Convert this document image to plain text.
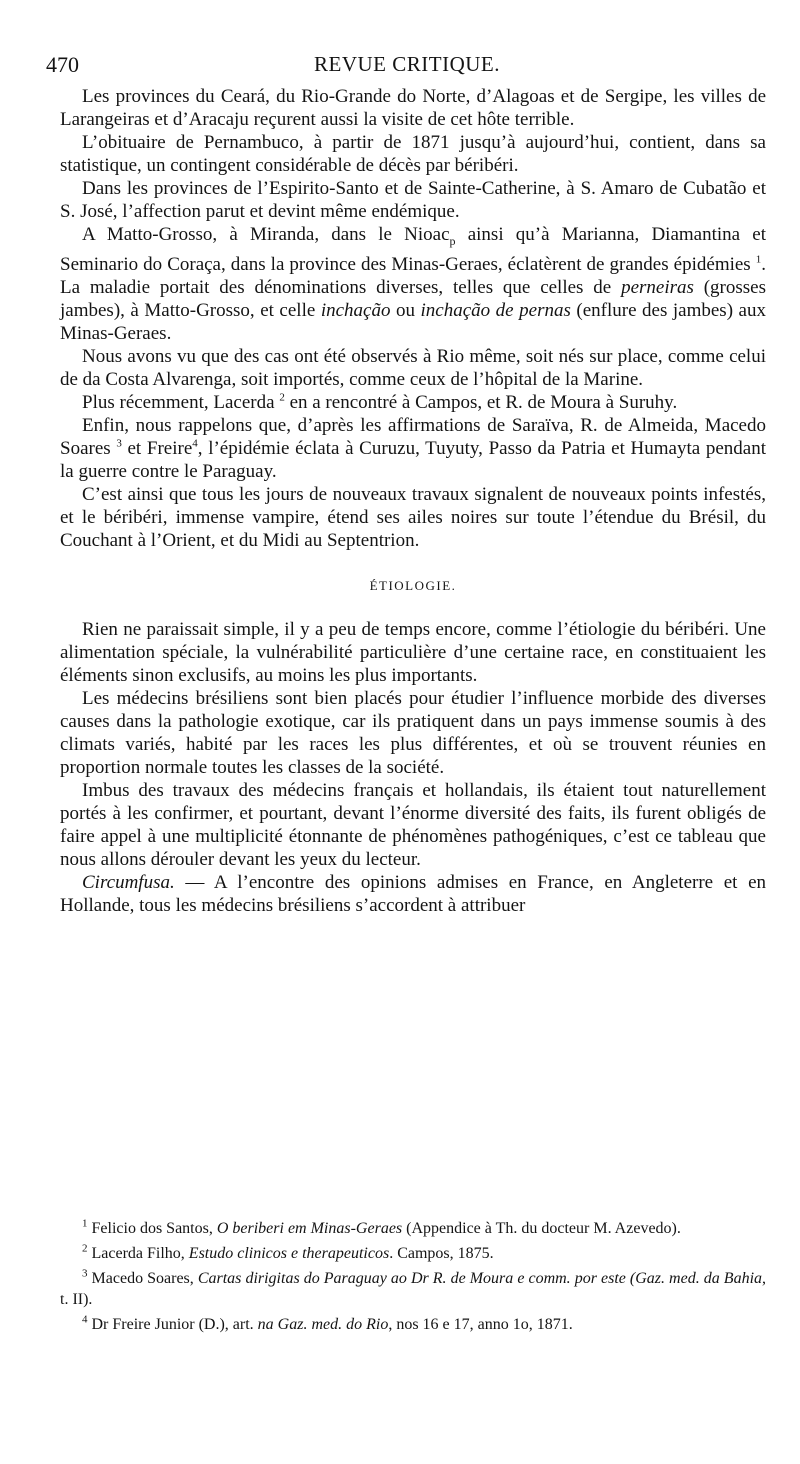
470	REVUE CRITIQUE.

Les provinces du Ceará, du Rio-Grande do Norte, d’Alagoas et de Sergipe, les villes de Larangeiras et d’Aracaju reçurent aussi la visite de cet hôte terrible.

L’obituaire de Pernambuco, à partir de 1871 jusqu’à aujourd’hui, contient, dans sa statistique, un contingent considérable de décès par béribéri.

Dans les provinces de l’Espirito-Santo et de Sainte-Catherine, à S. Amaro de Cubatão et S. José, l’affection parut et devint même endémique.

A Matto-Grosso, à Miranda, dans le Nioac$_p$ ainsi qu’à Marianna, Diamantina et Seminario do Coraça, dans la province des Minas-Geraes, éclatèrent de grandes épidémies $^1$. La maladie portait des dénominations diverses, telles que celles de perneiras (grosses jambes), à Matto-Grosso, et celle inchação ou inchação de pernas (enflure des jambes) aux Minas-Geraes.

Nous avons vu que des cas ont été observés à Rio même, soit nés sur place, comme celui de da Costa Alvarenga, soit importés, comme ceux de l’hôpital de la Marine.

Plus récemment, Lacerda $^2$ en a rencontré à Campos, et R. de Moura à Suruhy.

Enfin, nous rappelons que, d’après les affirmations de Saraïva, R. de Almeida, Macedo Soares $^3$ et Freire$^4$, l’épidémie éclata à Curuzu, Tuyuty, Passo da Patria et Humayta pendant la guerre contre le Paraguay.

C’est ainsi que tous les jours de nouveaux travaux signalent de nouveaux points infestés, et le béribéri, immense vampire, étend ses ailes noires sur toute l’étendue du Brésil, du Couchant à l’Orient, et du Midi au Septentrion.

ÉTIOLOGIE.

Rien ne paraissait simple, il y a peu de temps encore, comme l’étiologie du béribéri. Une alimentation spéciale, la vulnérabilité particulière d’une certaine race, en constituaient les éléments sinon exclusifs, au moins les plus importants.

Les médecins brésiliens sont bien placés pour étudier l’influence morbide des diverses causes dans la pathologie exotique, car ils pratiquent dans un pays immense soumis à des climats variés, habité par les races les plus différentes, et où se trouvent réunies en proportion normale toutes les classes de la société.

Imbus des travaux des médecins français et hollandais, ils étaient tout naturellement portés à les confirmer, et pourtant, devant l’énorme diversité des faits, ils furent obligés de faire appel à une multiplicité étonnante de phénomènes pathogéniques, c’est ce tableau que nous allons dérouler devant les yeux du lecteur.

Circumfusa. — A l’encontre des opinions admises en France, en Angleterre et en Hollande, tous les médecins brésiliens s’accordent à attribuer

$^1$ Felicio dos Santos, O beriberi em Minas-Geraes (Appendice à Th. du docteur M. Azevedo).

$^2$ Lacerda Filho, Estudo clinicos e therapeuticos. Campos, 1875.

$^3$ Macedo Soares, Cartas dirigitas do Paraguay ao Dr R. de Moura e comm. por este (Gaz. med. da Bahia, t. II).

$^4$ Dr Freire Junior (D.), art. na Gaz. med. do Rio, nos 16 e 17, anno 1o, 1871.
